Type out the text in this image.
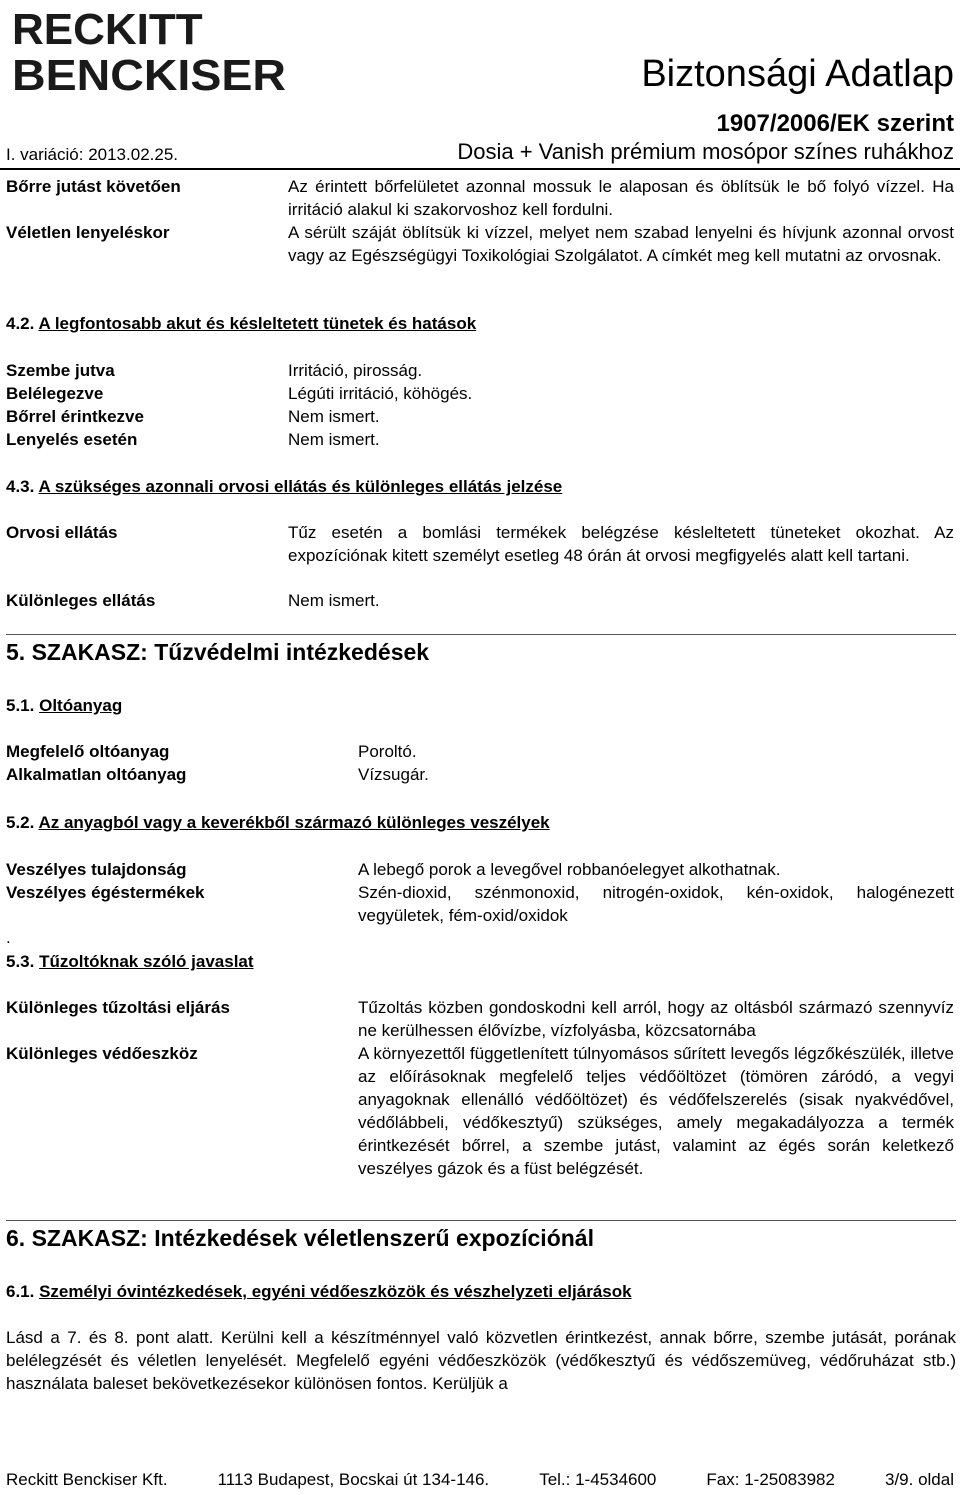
RECKITT
BENCKISER	Biztonsági Adatlap
1907/2006/EK szerint
I. variáció: 2013.02.25.	Dosia + Vanish prémium mosópor színes ruhákhoz
Bőrre jutást követően	Az érintett bőrfelületet azonnal mossuk le alaposan és öblítsük le bő folyó vízzel. Ha irritáció alakul ki szakorvoshoz kell fordulni.
Véletlen lenyeléskor	A sérült száját öblítsük ki vízzel, melyet nem szabad lenyelni és hívjunk azonnal orvost vagy az Egészségügyi Toxikológiai Szolgálatot. A címkét meg kell mutatni az orvosnak.
4.2. A legfontosabb akut és késleltetett tünetek és hatások
Szembe jutva	Irritáció, pirosság.
Belélegezve	Légúti irritáció, köhögés.
Bőrrel érintkezve	Nem ismert.
Lenyelés esetén	Nem ismert.
4.3. A szükséges azonnali orvosi ellátás és különleges ellátás jelzése
Orvosi ellátás	Tűz esetén a bomlási termékek belégzése késleltetett tüneteket okozhat. Az expozíciónak kitett személyt esetleg 48 órán át orvosi megfigyelés alatt kell tartani.
Különleges ellátás	Nem ismert.
5. SZAKASZ: Tűzvédelmi intézkedések
5.1. Oltóanyag
Megfelelő oltóanyag	Poroltó.
Alkalmatlan oltóanyag	Vízsugár.
5.2. Az anyagból vagy a keverékből származó különleges veszélyek
Veszélyes tulajdonság	A lebegő porok a levegővel robbanóelegyet alkothatnak.
Veszélyes égéstermékek	Szén-dioxid, szénmonoxid, nitrogén-oxidok, kén-oxidok, halogénezett vegyületek, fém-oxid/oxidok
.
5.3. Tűzoltóknak szóló javaslat
Különleges tűzoltási eljárás	Tűzoltás közben gondoskodni kell arról, hogy az oltásból származó szennyvíz ne kerülhessen élővízbe, vízfolyásba, közcsatornába
Különleges védőeszköz	A környezettől függetlenített túlnyomásos sűrített levegős légzőkészülék, illetve az előírásoknak megfelelő teljes védőöltözet (tömören záródó, a vegyi anyagoknak ellenálló védőöltözet) és védőfelszerelés (sisak nyakvédővel, védőlábbeli, védőkesztyű) szükséges, amely megakadályozza a termék érintkezését bőrrel, a szembe jutást, valamint az égés során keletkező veszélyes gázok és a füst belégzését.
6. SZAKASZ: Intézkedések véletlenszerű expozíciónál
6.1. Személyi óvintézkedések, egyéni védőeszközök és vészhelyzeti eljárások
Lásd a 7. és 8. pont alatt. Kerülni kell a készítménnyel való közvetlen érintkezést, annak bőrre, szembe jutását, porának belélegzését és véletlen lenyelését. Megfelelő egyéni védőeszközök (védőkesztyű és védőszemüveg, védőruházat stb.) használata baleset bekövetkezésekor különösen fontos. Kerüljük a
Reckitt Benckiser Kft.	1113 Budapest, Bocskai út 134-146.	Tel.: 1-4534600	Fax: 1-25083982	3/9. oldal
